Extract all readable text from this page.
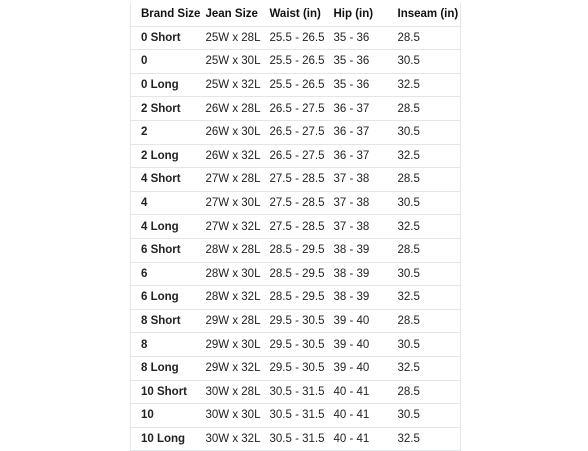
Brand Size	Jean Size	Waist (in)	Hip (in)	Inseam (in)
0 Short	25W x 28L	25.5 - 26.5	35 - 36	28.5
0	25W x 30L	25.5 - 26.5	35 - 36	30.5
0 Long	25W x 32L	25.5 - 26.5	35 - 36	32.5
2 Short	26W x 28L	26.5 - 27.5	36 - 37	28.5
2	26W x 30L	26.5 - 27.5	36 - 37	30.5
2 Long	26W x 32L	26.5 - 27.5	36 - 37	32.5
4 Short	27W x 28L	27.5 - 28.5	37 - 38	28.5
4	27W x 30L	27.5 - 28.5	37 - 38	30.5
4 Long	27W x 32L	27.5 - 28.5	37 - 38	32.5
6 Short	28W x 28L	28.5 - 29.5	38 - 39	28.5
6	28W x 30L	28.5 - 29.5	38 - 39	30.5
6 Long	28W x 32L	28.5 - 29.5	38 - 39	32.5
8 Short	29W x 28L	29.5 - 30.5	39 - 40	28.5
8	29W x 30L	29.5 - 30.5	39 - 40	30.5
8 Long	29W x 32L	29.5 - 30.5	39 - 40	32.5
10 Short	30W x 28L	30.5 - 31.5	40 - 41	28.5
10	30W x 30L	30.5 - 31.5	40 - 41	30.5
10 Long	30W x 32L	30.5 - 31.5	40 - 41	32.5
